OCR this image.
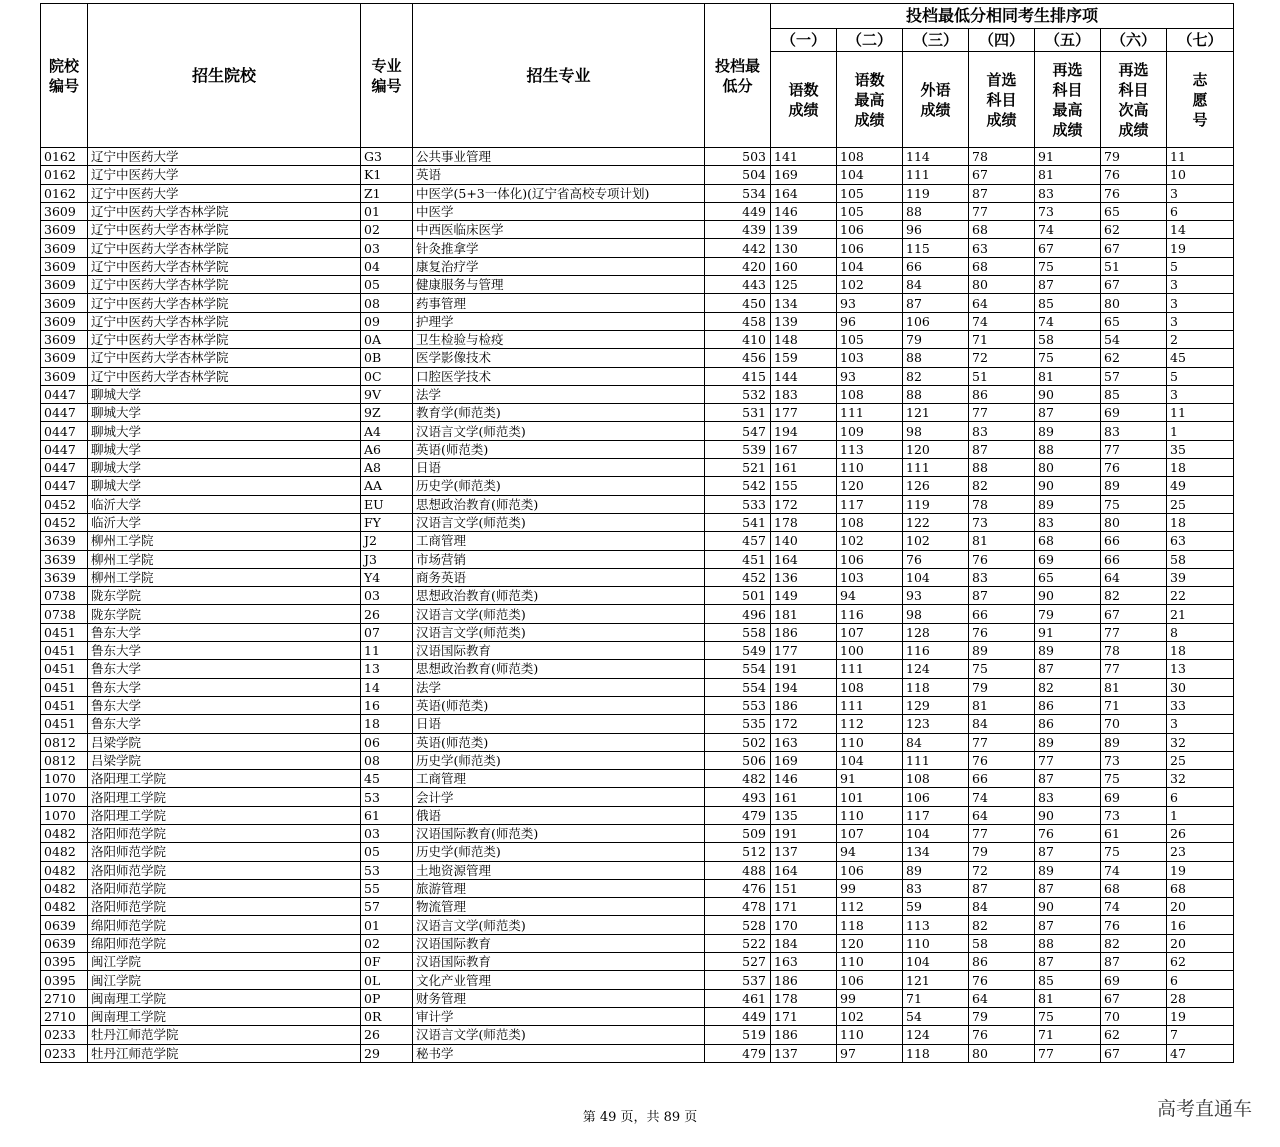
院校编号	招生院校	专业编号	招生专业	投档最低分	投档最低分相同考生排序项						
					（一）	（二）	（三）	（四）	（五）	（六）	（七）

					语数成绩	语数最高成绩	外语成绩	首选科目成绩	再选科目最高成绩	再选科目次高成绩	志愿号

0162	辽宁中医药大学	G3	公共事业管理	503	141	108	114	78	91	79	11
0162	辽宁中医药大学	K1	英语	504	169	104	111	67	81	76	10
0162	辽宁中医药大学	Z1	中医学(5+3一体化)(辽宁省高校专项计划)	534	164	105	119	87	83	76	3
3609	辽宁中医药大学杏林学院	01	中医学	449	146	105	88	77	73	65	6
3609	辽宁中医药大学杏林学院	02	中西医临床医学	439	139	106	96	68	74	62	14
3609	辽宁中医药大学杏林学院	03	针灸推拿学	442	130	106	115	63	67	67	19
3609	辽宁中医药大学杏林学院	04	康复治疗学	420	160	104	66	68	75	51	5
3609	辽宁中医药大学杏林学院	05	健康服务与管理	443	125	102	84	80	87	67	3
3609	辽宁中医药大学杏林学院	08	药事管理	450	134	93	87	64	85	80	3
3609	辽宁中医药大学杏林学院	09	护理学	458	139	96	106	74	74	65	3
3609	辽宁中医药大学杏林学院	0A	卫生检验与检疫	410	148	105	79	71	58	54	2
3609	辽宁中医药大学杏林学院	0B	医学影像技术	456	159	103	88	72	75	62	45
3609	辽宁中医药大学杏林学院	0C	口腔医学技术	415	144	93	82	51	81	57	5
0447	聊城大学	9V	法学	532	183	108	88	86	90	85	3
0447	聊城大学	9Z	教育学(师范类)	531	177	111	121	77	87	69	11
0447	聊城大学	A4	汉语言文学(师范类)	547	194	109	98	83	89	83	1
0447	聊城大学	A6	英语(师范类)	539	167	113	120	87	88	77	35
0447	聊城大学	A8	日语	521	161	110	111	88	80	76	18
0447	聊城大学	AA	历史学(师范类)	542	155	120	126	82	90	89	49
0452	临沂大学	EU	思想政治教育(师范类)	533	172	117	119	78	89	75	25
0452	临沂大学	FY	汉语言文学(师范类)	541	178	108	122	73	83	80	18
3639	柳州工学院	J2	工商管理	457	140	102	102	81	68	66	63
3639	柳州工学院	J3	市场营销	451	164	106	76	76	69	66	58
3639	柳州工学院	Y4	商务英语	452	136	103	104	83	65	64	39
0738	陇东学院	03	思想政治教育(师范类)	501	149	94	93	87	90	82	22
0738	陇东学院	26	汉语言文学(师范类)	496	181	116	98	66	79	67	21
0451	鲁东大学	07	汉语言文学(师范类)	558	186	107	128	76	91	77	8
0451	鲁东大学	11	汉语国际教育	549	177	100	116	89	89	78	18
0451	鲁东大学	13	思想政治教育(师范类)	554	191	111	124	75	87	77	13
0451	鲁东大学	14	法学	554	194	108	118	79	82	81	30
0451	鲁东大学	16	英语(师范类)	553	186	111	129	81	86	71	33
0451	鲁东大学	18	日语	535	172	112	123	84	86	70	3
0812	吕梁学院	06	英语(师范类)	502	163	110	84	77	89	89	32
0812	吕梁学院	08	历史学(师范类)	506	169	104	111	76	77	73	25
1070	洛阳理工学院	45	工商管理	482	146	91	108	66	87	75	32
1070	洛阳理工学院	53	会计学	493	161	101	106	74	83	69	6
1070	洛阳理工学院	61	俄语	479	135	110	117	64	90	73	1
0482	洛阳师范学院	03	汉语国际教育(师范类)	509	191	107	104	77	76	61	26
0482	洛阳师范学院	05	历史学(师范类)	512	137	94	134	79	87	75	23
0482	洛阳师范学院	53	土地资源管理	488	164	106	89	72	89	74	19
0482	洛阳师范学院	55	旅游管理	476	151	99	83	87	87	68	68
0482	洛阳师范学院	57	物流管理	478	171	112	59	84	90	74	20
0639	绵阳师范学院	01	汉语言文学(师范类)	528	170	118	113	82	87	76	16
0639	绵阳师范学院	02	汉语国际教育	522	184	120	110	58	88	82	20
0395	闽江学院	0F	汉语国际教育	527	163	110	104	86	87	87	62
0395	闽江学院	0L	文化产业管理	537	186	106	121	76	85	69	6
2710	闽南理工学院	0P	财务管理	461	178	99	71	64	81	67	28
2710	闽南理工学院	0R	审计学	449	171	102	54	79	75	70	19
0233	牡丹江师范学院	26	汉语言文学(师范类)	519	186	110	124	76	71	62	7
0233	牡丹江师范学院	29	秘书学	479	137	97	118	80	77	67	47
第 49 页，共 89 页	高考直通车
